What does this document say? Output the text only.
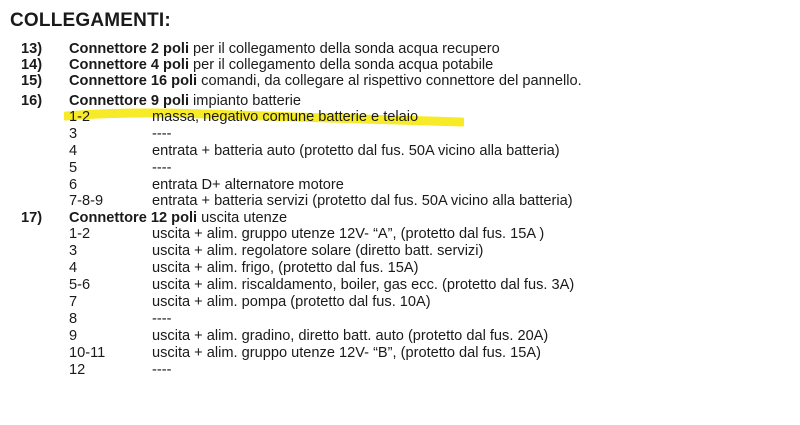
COLLEGAMENTI:
13) Connettore 2 poli per il collegamento della sonda acqua recupero
14) Connettore 4 poli per il collegamento della sonda acqua potabile
15) Connettore 16 poli comandi, da collegare al rispettivo connettore del pannello.
16) Connettore 9 poli impianto batterie
1-2	massa, negativo comune batterie e telaio
3	----
4	entrata + batteria auto (protetto dal fus. 50A vicino alla batteria)
5	----
6	entrata D+ alternatore motore
7-8-9	entrata + batteria servizi (protetto dal fus. 50A vicino alla batteria)
17) Connettore 12 poli uscita utenze
1-2	uscita + alim. gruppo utenze 12V- “A”, (protetto dal fus. 15A )
3	uscita + alim. regolatore solare (diretto batt. servizi)
4	uscita + alim. frigo, (protetto dal fus. 15A)
5-6	uscita + alim. riscaldamento, boiler, gas ecc. (protetto dal fus. 3A)
7	uscita + alim. pompa (protetto dal fus. 10A)
8	----
9	uscita + alim. gradino, diretto batt. auto (protetto dal fus. 20A)
10-11	uscita + alim. gruppo utenze 12V- “B”, (protetto dal fus. 15A)
12	----
